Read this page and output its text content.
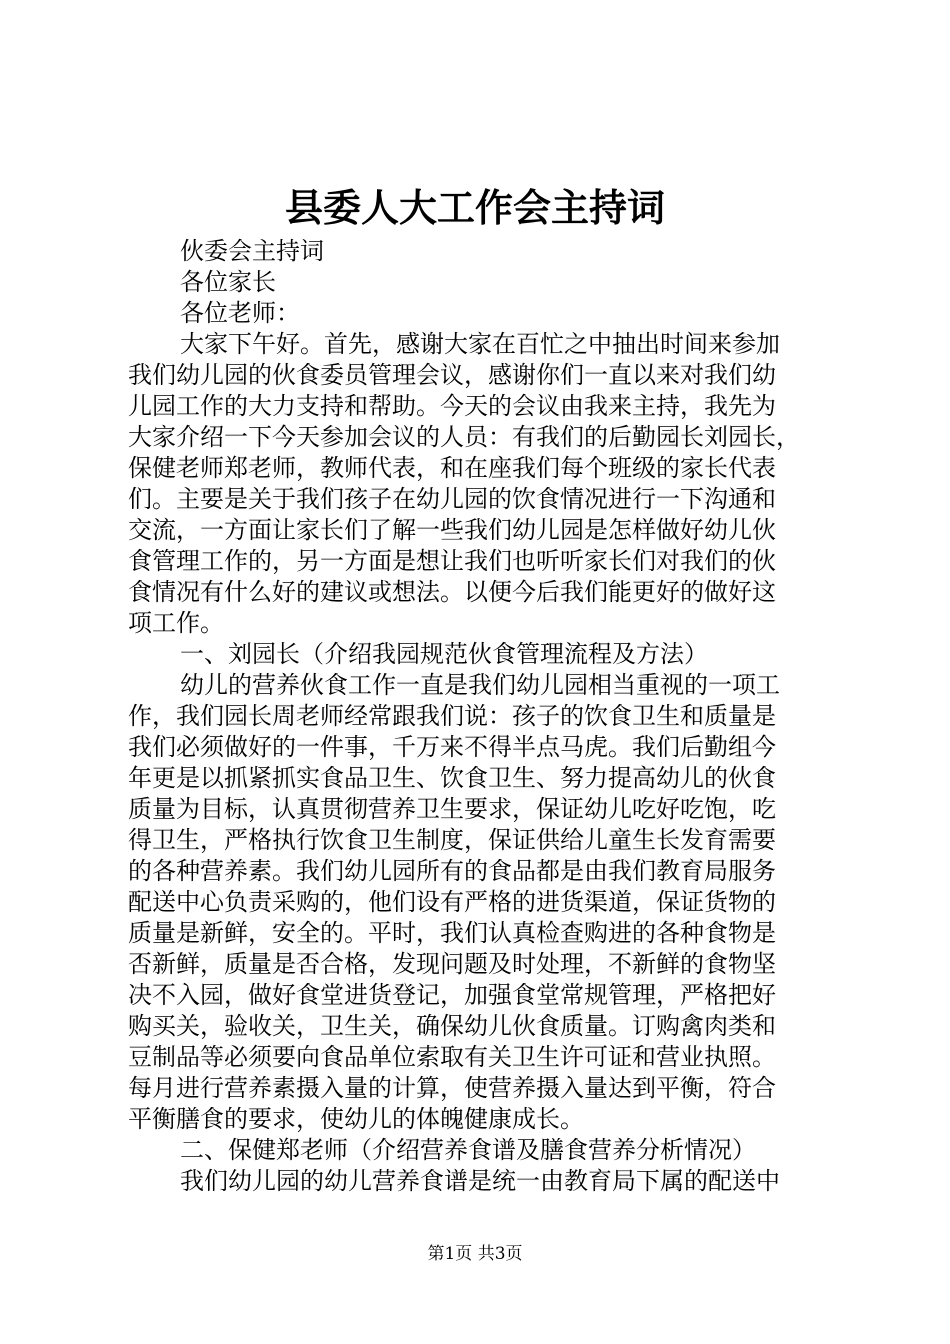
县委人大工作会主持词

伙委会主持词

各位家长

各位老师：

大家下午好。首先，感谢大家在百忙之中抽出时间来参加

我们幼儿园的伙食委员管理会议，感谢你们一直以来对我们幼

儿园工作的大力支持和帮助。今天的会议由我来主持，我先为

大家介绍一下今天参加会议的人员：有我们的后勤园长刘园长，

保健老师郑老师，教师代表，和在座我们每个班级的家长代表

们。主要是关于我们孩子在幼儿园的饮食情况进行一下沟通和

交流，一方面让家长们了解一些我们幼儿园是怎样做好幼儿伙

食管理工作的，另一方面是想让我们也听听家长们对我们的伙

食情况有什么好的建议或想法。以便今后我们能更好的做好这

项工作。

一、刘园长（介绍我园规范伙食管理流程及方法）

幼儿的营养伙食工作一直是我们幼儿园相当重视的一项工

作，我们园长周老师经常跟我们说：孩子的饮食卫生和质量是

我们必须做好的一件事，千万来不得半点马虎。我们后勤组今

年更是以抓紧抓实食品卫生、饮食卫生、努力提高幼儿的伙食

质量为目标，认真贯彻营养卫生要求，保证幼儿吃好吃饱，吃

得卫生，严格执行饮食卫生制度，保证供给儿童生长发育需要

的各种营养素。我们幼儿园所有的食品都是由我们教育局服务

配送中心负责采购的，他们设有严格的进货渠道，保证货物的

质量是新鲜，安全的。平时，我们认真检查购进的各种食物是

否新鲜，质量是否合格，发现问题及时处理，不新鲜的食物坚

决不入园，做好食堂进货登记，加强食堂常规管理，严格把好

购买关，验收关，卫生关，确保幼儿伙食质量。订购禽肉类和

豆制品等必须要向食品单位索取有关卫生许可证和营业执照。

每月进行营养素摄入量的计算，使营养摄入量达到平衡，符合

平衡膳食的要求，使幼儿的体魄健康成长。

二、保健郑老师（介绍营养食谱及膳食营养分析情况）

我们幼儿园的幼儿营养食谱是统一由教育局下属的配送中

第1页 共3页
